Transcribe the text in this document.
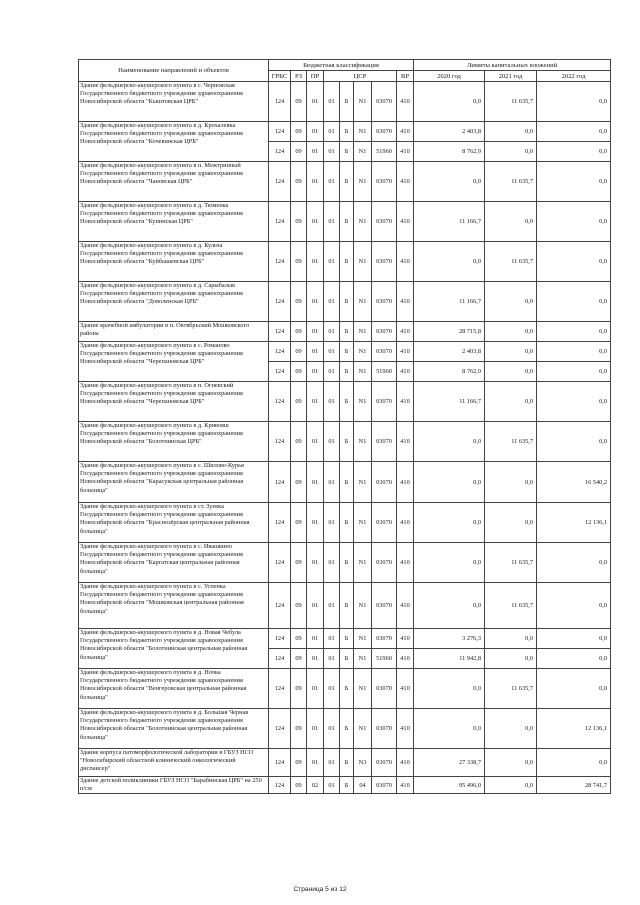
Наименование направлений и объектов	Бюджетная классификация								Лимиты капитальных вложений		
	ГРБС	РЗ	ПР	ЦСР				ВР	2020 год	2021 год	2022 год
Здание фельдшерско-акушерского пункта в с. Черновская Государственного бюджетного учреждения здравоохранения Новосибирской области "Кыштовская ЦРБ"	124	09	01	01	Б	N1	03070	410	0,0	11 635,7	0,0
Здание фельдшерско-акушерского пункта в д. Крохалевка Государственного бюджетного учреждения здравоохранения Новосибирской области "Кочевинская ЦРБ"	124	09	01	01	Б	N1	03070	410	2 403,8	0,0	0,0
	124	09	01	01	Б	N1	51960	410	8 762,9	0,0	0,0
Здание фельдшерско-акушерского пункта в п. Межтрипный Государственного бюджетного учреждения здравоохранения Новосибирской области "Чановская ЦРБ"	124	09	01	01	Б	N1	03070	410	0,0	11 635,7	0,0
Здание фельдшерско-акушерского пункта в д. Тюменка Государственного бюджетного учреждения здравоохранения Новосибирской области "Купинская ЦРБ"	124	09	01	01	Б	N1	03070	410	11 166,7	0,0	0,0
Здание фельдшерско-акушерского пункта в д. Кульча Государственного бюджетного учреждения здравоохранения Новосибирской области "Куйбышевская ЦРБ"	124	09	01	01	Б	N1	03070	410	0,0	11 635,7	0,0
Здание фельдшерско-акушерского пункта в д. Сарыбалык Государственного бюджетного учреждения здравоохранения Новосибирской области "Доволенская ЦРБ"	124	09	01	01	Б	N1	03070	410	11 166,7	0,0	0,0
Здание врачебной амбулатории в п. Октябрьский Мошковского района	124	09	01	01	Б	N1	03070	410	28 715,8	0,0	0,0
Здание фельдшерско-акушерского пункта в с. Романово Государственного бюджетного учреждения здравоохранения Новосибирской области "Черепановская ЦРБ"	124	09	01	01	Б	N1	03070	410	2 403,8	0,0	0,0
	124	09	01	01	Б	N1	51960	410	8 762,9	0,0	0,0
Здание фельдшерско-акушерского пункта в п. Огневский Государственного бюджетного учреждения здравоохранения Новосибирской области "Черепановская ЦРБ"	124	09	01	01	Б	N1	03070	410	11 166,7	0,0	0,0
Здание фельдшерско-акушерского пункта в д. Кривояш Государственного бюджетного учреждения здравоохранения Новосибирской области "Болотнинская ЦРБ"	124	09	01	01	Б	N1	03070	410	0,0	11 635,7	0,0
Здание фельдшерско-акушерского пункта в с. Шилово-Курья Государственного бюджетного учреждения здравоохранения Новосибирской области "Карасукская центральная районная больница"	124	09	01	01	Б	N1	03070	410	0,0	0,0	16 540,2
Здание фельдшерско-акушерского пункта в ст. Зуевка Государственного бюджетного учреждения здравоохранения Новосибирской области "Краснозёрская центральная районная больница"	124	09	01	01	Б	N1	03070	410	0,0	0,0	12 136,1
Здание фельдшерско-акушерского пункта в с. Ивашкино Государственного бюджетного учреждения здравоохранения Новосибирской области "Каргатская центральная районная больница"	124	09	01	01	Б	N1	03070	410	0,0	11 635,7	0,0
Здание фельдшерско-акушерского пункта в с. Успенка Государственного бюджетного учреждения здравоохранения Новосибирской области "Мошковская центральная районная больница"	124	09	01	01	Б	N1	03070	410	0,0	11 635,7	0,0
Здание фельдшерско-акушерского пункта в д. Новая Чебула Государственного бюджетного учреждения здравоохранения Новосибирской области "Болотнинская центральная районная больница"	124	09	01	01	Б	N1	03070	410	3 276,3	0,0	0,0
	124	09	01	01	Б	N1	51960	410	11 942,8	0,0	0,0
Здание фельдшерско-акушерского пункта в д. Ночка Государственного бюджетного учреждения здравоохранения Новосибирской области "Венгеровская центральная районная больница"	124	09	01	01	Б	N1	03070	410	0,0	11 635,7	0,0
Здание фельдшерско-акушерского пункта в д. Большая Черная Государственного бюджетного учреждения здравоохранения Новосибирской области "Болотнинская центральная районная больница"	124	09	01	01	Б	N1	03070	410	0,0	0,0	12 136,1
Здание корпуса патоморфологической лаборатории в ГБУЗ НСО "Новосибирский областной клинический онкологический диспансер"	124	09	01	01	Б	N3	03070	410	27 338,7	0,0	0,0
Здание детской поликлиники ГБУЗ НСО "Барабинская ЦРБ" на 250 п/см	124	09	02	01	Б	04	03070	410	95 496,0	0,0	28 741,7
Страница 5 из 12
